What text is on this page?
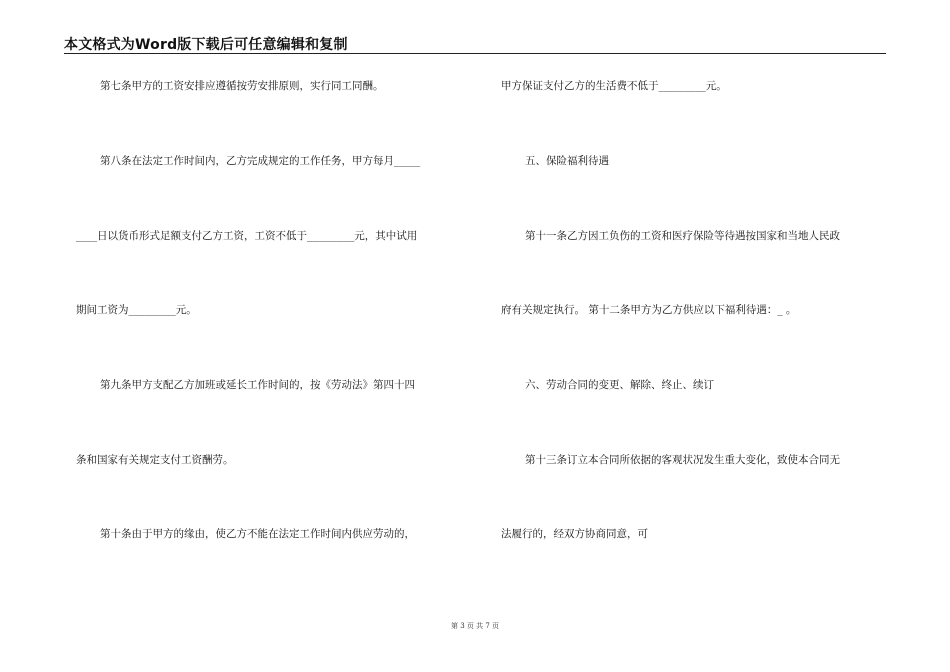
本文格式为Word版下载后可任意编辑和复制
第七条甲方的工资安排应遵循按劳安排原则，实行同工同酬。
第八条在法定工作时间内，乙方完成规定的工作任务，甲方每月_____
____日以货币形式足额支付乙方工资，工资不低于_________元，其中试用
期间工资为_________元。
第九条甲方支配乙方加班或延长工作时间的，按《劳动法》第四十四
条和国家有关规定支付工资酬劳。
第十条由于甲方的缘由，使乙方不能在法定工作时间内供应劳动的，
甲方保证支付乙方的生活费不低于_________元。
五、保险福利待遇
第十一条乙方因工负伤的工资和医疗保险等待遇按国家和当地人民政
府有关规定执行。 第十二条甲方为乙方供应以下福利待遇：_ 。
六、劳动合同的变更、解除、终止、续订
第十三条订立本合同所依据的客观状况发生重大变化，致使本合同无
法履行的，经双方协商同意，可
第 3 页 共 7 页
